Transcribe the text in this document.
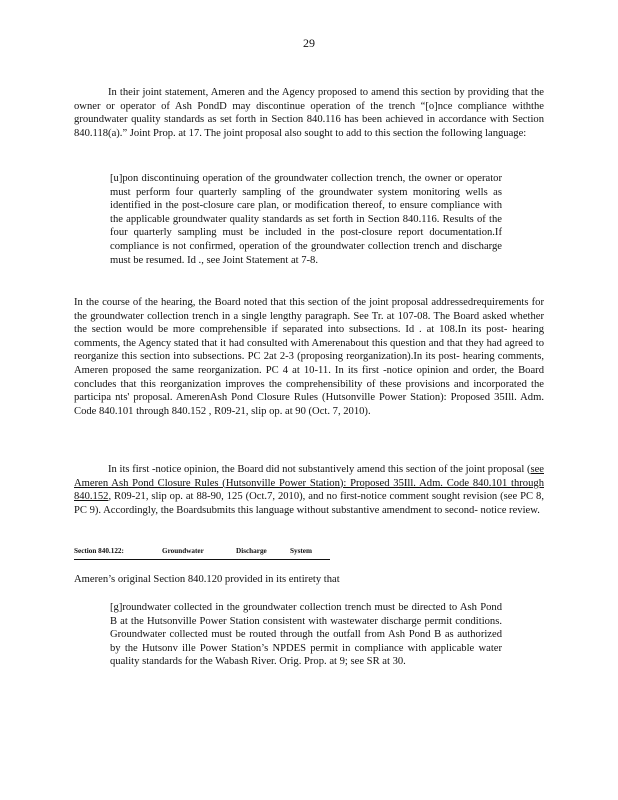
29

In their joint statement, Ameren and the Agency proposed to amend this section by providing that the owner or operator of Ash PondD may discontinue operation of the trench “[o]nce compliance withthe groundwater quality standards as set forth in Section 840.116 has been achieved in accordance with Section 840.118(a).” Joint Prop. at 17. The joint proposal also sought to add to this section the following language:

[u]pon discontinuing operation of the groundwater collection trench, the owner or operator must perform four quarterly sampling of the groundwater system monitoring wells as identified in the post-closure care plan, or modification thereof, to ensure compliance with the applicable groundwater quality standards as set forth in Section 840.116. Results of the four quarterly sampling must be included in the post-closure report documentation.If compliance is not confirmed, operation of the groundwater collection trench and discharge must be resumed. Id ., see Joint Statement at 7-8.

In the course of the hearing, the Board noted that this section of the joint proposal addressedrequirements for the groundwater collection trench in a single lengthy paragraph. See Tr. at 107-08. The Board asked whether the section would be more comprehensible if separated into subsections. Id . at 108.In its post- hearing comments, the Agency stated that it had consulted with Amerenabout this question and that they had agreed to reorganize this section into subsections. PC 2at 2-3 (proposing reorganization).In its post- hearing comments, Ameren proposed the same reorganization. PC 4 at 10-11. In its first -notice opinion and order, the Board concludes that this reorganization improves the comprehensibility of these provisions and incorporated the participa nts' proposal. AmerenAsh Pond Closure Rules (Hutsonville Power Station): Proposed 35Ill. Adm. Code 840.101 through 840.152 , R09-21, slip op. at 90 (Oct. 7, 2010).

In its first -notice opinion, the Board did not substantively amend this section of the joint proposal (see Ameren Ash Pond Closure Rules (Hutsonville Power Station): Proposed 35Ill. Adm. Code 840.101 through 840.152, R09-21, slip op. at 88-90, 125 (Oct.7, 2010), and no first-notice comment sought revision (see PC 8, PC 9). Accordingly, the Boardsubmits this language without substantive amendment to second- notice review.

Section 840.122:	Groundwater	Discharge	System

Ameren’s original Section 840.120 provided in its entirety that

[g]roundwater collected in the groundwater collection trench must be directed to Ash Pond B at the Hutsonville Power Station consistent with wastewater discharge permit conditions. Groundwater collected must be routed through the outfall from Ash Pond B as authorized by the Hutsonv ille Power Station’s NPDES permit in compliance with applicable water quality standards for the Wabash River. Orig. Prop. at 9; see SR at 30.
